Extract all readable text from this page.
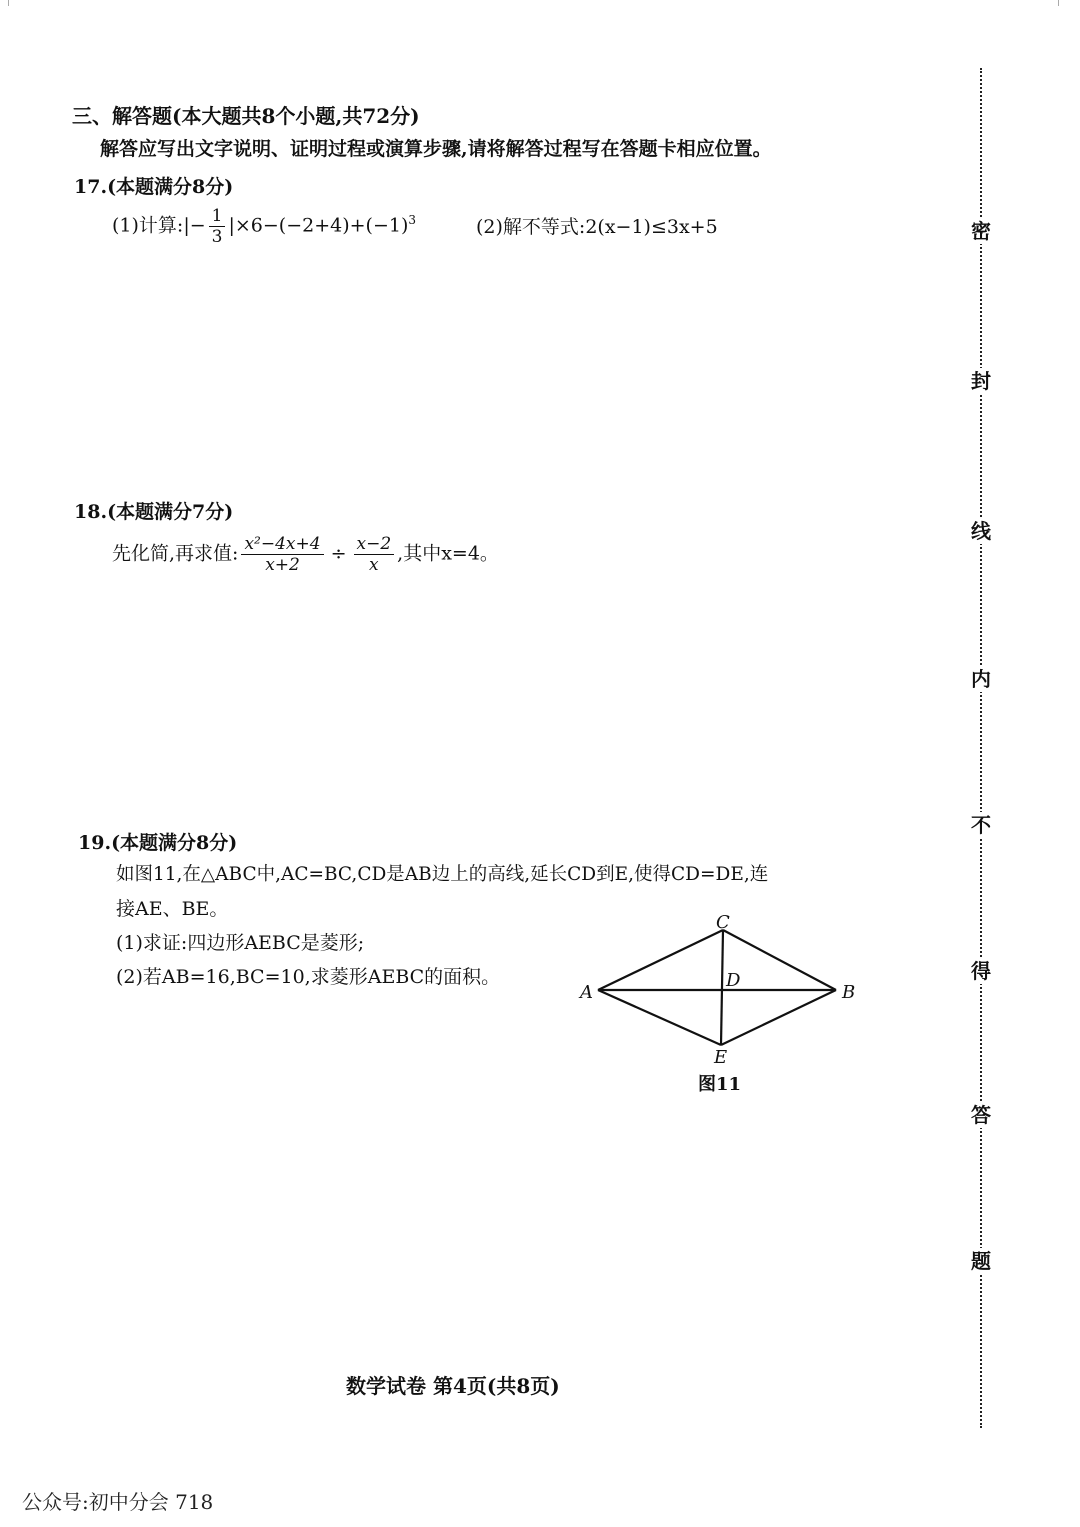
三、解答题(本大题共8个小题,共72分)
解答应写出文字说明、证明过程或演算步骤,请将解答过程写在答题卡相应位置。
17.(本题满分8分)
(1)计算:|− $\frac{1}{3} |\times 6-(-2+4)+(-1)^3$	(2)解不等式:2(x−1)≤3x+5
18.(本题满分7分)
先化简,再求值: $\frac{\text{x²−4x+4}}{x+2} \div \frac{x-2}{x}$ ,其中x=4。
19.(本题满分8分)
如图11,在△ABC中,AC=BC,CD是AB边上的高线,延长CD到E,使得CD=DE,连
接AE、BE。
(1)求证:四边形AEBC是菱形;
(2)若AB=16,BC=10,求菱形AEBC的面积。
C
A	B
D
E
图11
密
封
线
内
不
得
答
题
数学试卷 第4页(共8页)
公众号:初中分会 718
